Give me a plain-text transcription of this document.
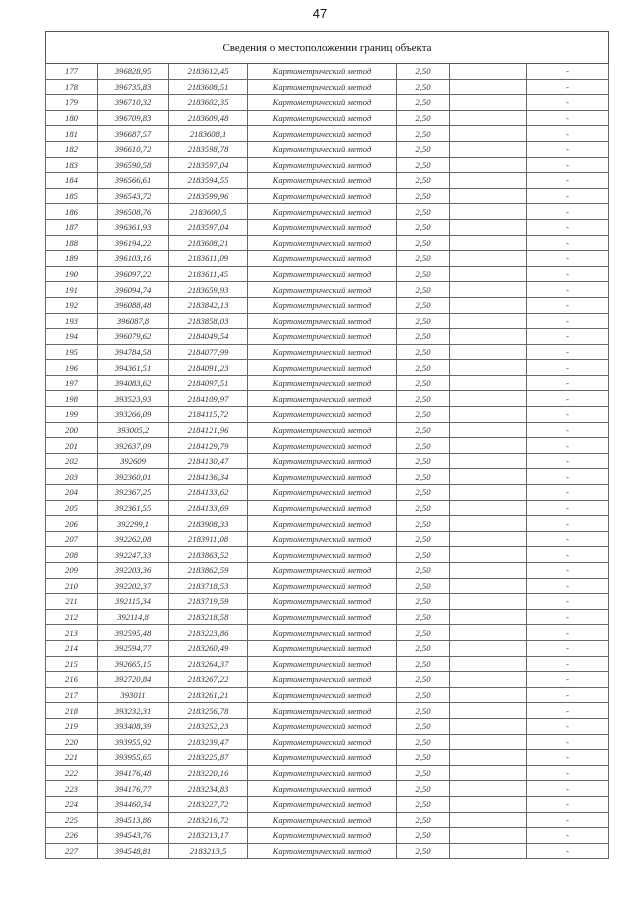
47
Сведения о местоположении границ объекта						
177	396828,95	2183612,45	Картометрический метод	2,50		-
178	396735,83	2183608,51	Картометрический метод	2,50		-
179	396710,32	2183602,35	Картометрический метод	2,50		-
180	396709,83	2183609,48	Картометрический метод	2,50		-
181	396687,57	2183608,1	Картометрический метод	2,50		-
182	396610,72	2183598,78	Картометрический метод	2,50		-
183	396590,58	2183597,04	Картометрический метод	2,50		-
184	396566,61	2183594,55	Картометрический метод	2,50		-
185	396543,72	2183599,96	Картометрический метод	2,50		-
186	396508,76	2183600,5	Картометрический метод	2,50		-
187	396361,93	2183597,04	Картометрический метод	2,50		-
188	396194,22	2183608,21	Картометрический метод	2,50		-
189	396103,16	2183611,09	Картометрический метод	2,50		-
190	396097,22	2183611,45	Картометрический метод	2,50		-
191	396094,74	2183659,93	Картометрический метод	2,50		-
192	396088,48	2183842,13	Картометрический метод	2,50		-
193	396087,8	2183858,03	Картометрический метод	2,50		-
194	396079,62	2184049,54	Картометрический метод	2,50		-
195	394784,58	2184077,99	Картометрический метод	2,50		-
196	394361,51	2184091,23	Картометрический метод	2,50		-
197	394083,62	2184097,51	Картометрический метод	2,50		-
198	393523,93	2184109,97	Картометрический метод	2,50		-
199	393266,09	2184115,72	Картометрический метод	2,50		-
200	393005,2	2184121,96	Картометрический метод	2,50		-
201	392637,09	2184129,79	Картометрический метод	2,50		-
202	392609	2184130,47	Картометрический метод	2,50		-
203	392360,01	2184136,34	Картометрический метод	2,50		-
204	392367,25	2184133,62	Картометрический метод	2,50		-
205	392361,55	2184133,69	Картометрический метод	2,50		-
206	392299,1	2183908,33	Картометрический метод	2,50		-
207	392262,08	2183911,08	Картометрический метод	2,50		-
208	392247,33	2183863,52	Картометрический метод	2,50		-
209	392203,36	2183862,59	Картометрический метод	2,50		-
210	392202,37	2183718,53	Картометрический метод	2,50		-
211	392115,34	2183719,59	Картометрический метод	2,50		-
212	392114,8	2183218,58	Картометрический метод	2,50		-
213	392595,48	2183223,86	Картометрический метод	2,50		-
214	392594,77	2183260,49	Картометрический метод	2,50		-
215	392665,15	2183264,37	Картометрический метод	2,50		-
216	392720,84	2183267,22	Картометрический метод	2,50		-
217	393011	2183261,21	Картометрический метод	2,50		-
218	393232,31	2183256,78	Картометрический метод	2,50		-
219	393408,39	2183252,23	Картометрический метод	2,50		-
220	393955,92	2183239,47	Картометрический метод	2,50		-
221	393955,65	2183225,87	Картометрический метод	2,50		-
222	394176,48	2183220,16	Картометрический метод	2,50		-
223	394176,77	2183234,83	Картометрический метод	2,50		-
224	394460,34	2183227,72	Картометрический метод	2,50		-
225	394513,86	2183216,72	Картометрический метод	2,50		-
226	394543,76	2183213,17	Картометрический метод	2,50		-
227	394548,81	2183213,5	Картометрический метод	2,50		-
